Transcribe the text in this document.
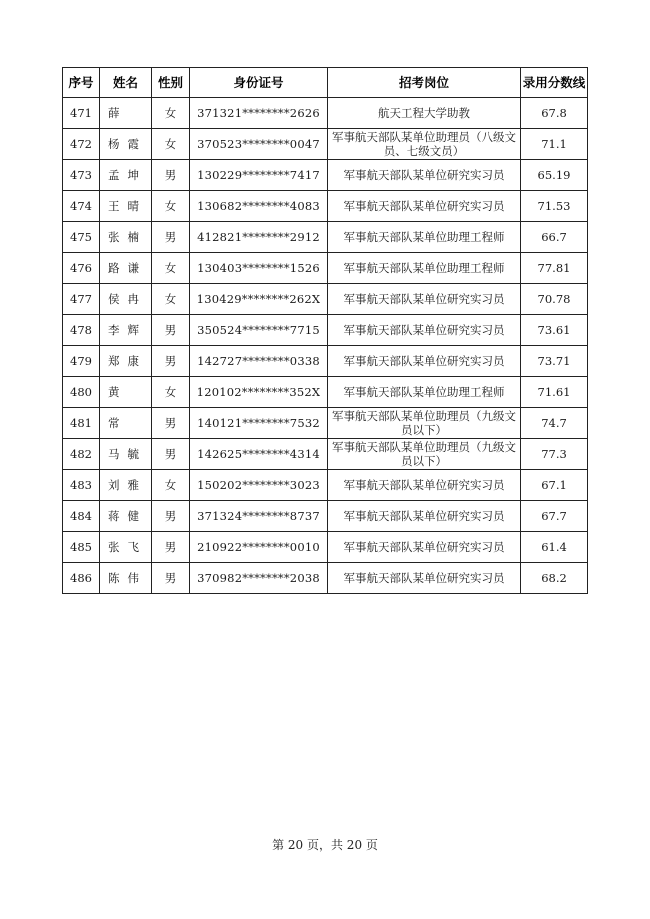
序号	姓名	性别	身份证号	招考岗位	录用分数线
471	薛	女	371321********2626	航天工程大学助教	67.8
472	杨 霞	女	370523********0047	军事航天部队某单位助理员（八级文员、七级文员）	71.1
473	孟 坤	男	130229********7417	军事航天部队某单位研究实习员	65.19
474	王 晴	女	130682********4083	军事航天部队某单位研究实习员	71.53
475	张 楠	男	412821********2912	军事航天部队某单位助理工程师	66.7
476	路 谦	女	130403********1526	军事航天部队某单位助理工程师	77.81
477	侯 冉	女	130429********262X	军事航天部队某单位研究实习员	70.78
478	李 辉	男	350524********7715	军事航天部队某单位研究实习员	73.61
479	郑 康	男	142727********0338	军事航天部队某单位研究实习员	73.71
480	黄	女	120102********352X	军事航天部队某单位助理工程师	71.61
481	常	男	140121********7532	军事航天部队某单位助理员（九级文员以下）	74.7
482	马 毓	男	142625********4314	军事航天部队某单位助理员（九级文员以下）	77.3
483	刘 雅	女	150202********3023	军事航天部队某单位研究实习员	67.1
484	蒋 健	男	371324********8737	军事航天部队某单位研究实习员	67.7
485	张 飞	男	210922********0010	军事航天部队某单位研究实习员	61.4
486	陈 伟	男	370982********2038	军事航天部队某单位研究实习员	68.2
第 20 页，共 20 页
